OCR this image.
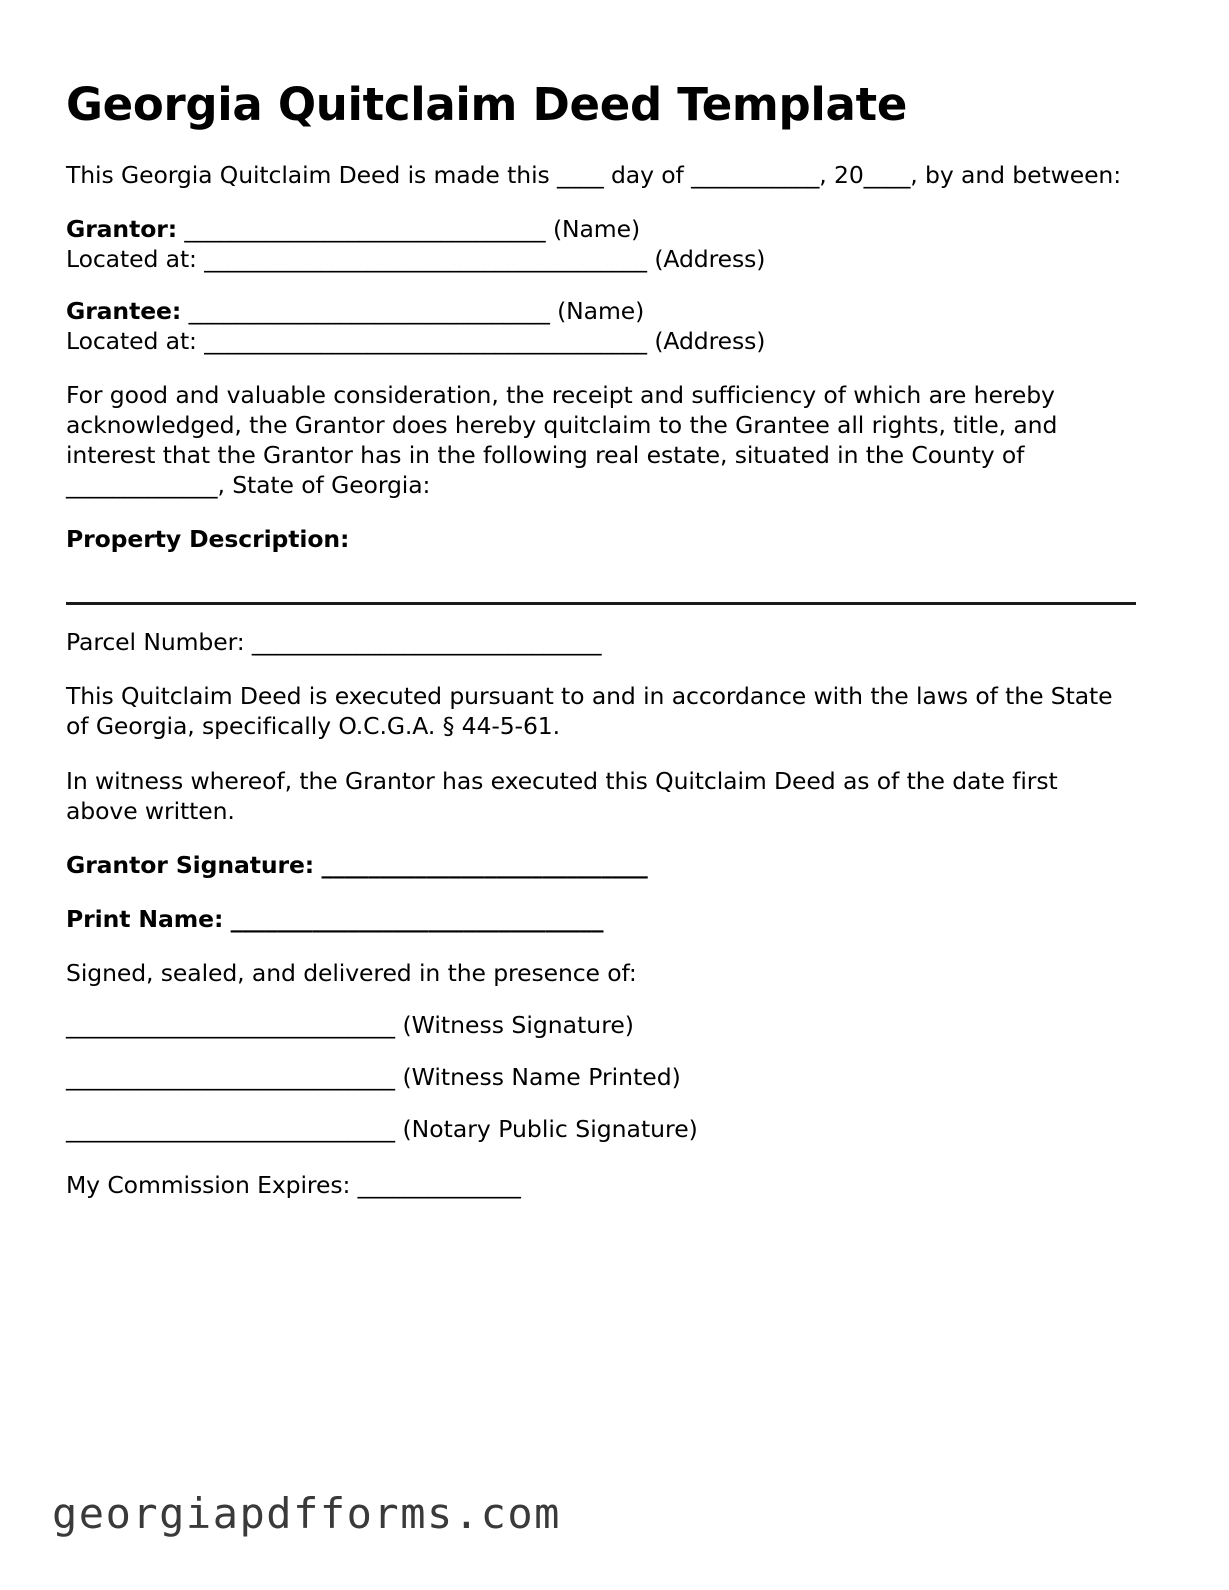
Georgia Quitclaim Deed Template

This Georgia Quitclaim Deed is made this ____ day of ___________, 20____, by and between:

Grantor: _______________________________ (Name)

Located at: ______________________________________ (Address)

Grantee: _______________________________ (Name)

Located at: ______________________________________ (Address)

For good and valuable consideration, the receipt and sufficiency of which are hereby acknowledged, the Grantor does hereby quitclaim to the Grantee all rights, title, and interest that the Grantor has in the following real estate, situated in the County of _____________, State of Georgia:

Property Description:

Parcel Number: ______________________________

This Quitclaim Deed is executed pursuant to and in accordance with the laws of the State of Georgia, specifically O.C.G.A. § 44-5-61.

In witness whereof, the Grantor has executed this Quitclaim Deed as of the date first above written.

Grantor Signature: ____________________________

Print Name: ________________________________

Signed, sealed, and delivered in the presence of:

____________________________ (Witness Signature)
____________________________ (Witness Name Printed)
____________________________ (Notary Public Signature)

My Commission Expires: ______________

georgiapdfforms.com
